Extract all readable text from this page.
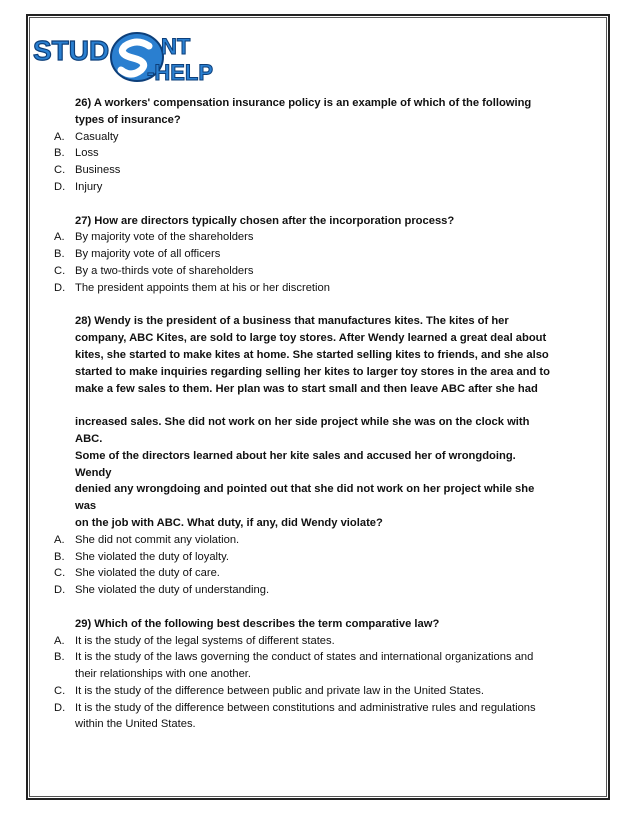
STUD NT
-HELP

26) A workers' compensation insurance policy is an example of which of the following

types of insurance?

A. Casualty
B. Loss
C. Business
D. Injury

27) How are directors typically chosen after the incorporation process?

A. By majority vote of the shareholders
B. By majority vote of all officers
C. By a two-thirds vote of shareholders
D. The president appoints them at his or her discretion

28) Wendy is the president of a business that manufactures kites. The kites of her

company, ABC Kites, are sold to large toy stores. After Wendy learned a great deal about

kites, she started to make kites at home. She started selling kites to friends, and she also

started to make inquiries regarding selling her kites to larger toy stores in the area and to

make a few sales to them. Her plan was to start small and then leave ABC after she had

increased sales. She did not work on her side project while she was on the clock with ABC.

Some of the directors learned about her kite sales and accused her of wrongdoing. Wendy

denied any wrongdoing and pointed out that she did not work on her project while she was

on the job with ABC. What duty, if any, did Wendy violate?

A. She did not commit any violation.
B. She violated the duty of loyalty.
C. She violated the duty of care.
D. She violated the duty of understanding.

29) Which of the following best describes the term comparative law?

A. It is the study of the legal systems of different states.
B. It is the study of the laws governing the conduct of states and international organizations and their relationships with one another.
C. It is the study of the difference between public and private law in the United States.
D. It is the study of the difference between constitutions and administrative rules and regulations within the United States.
